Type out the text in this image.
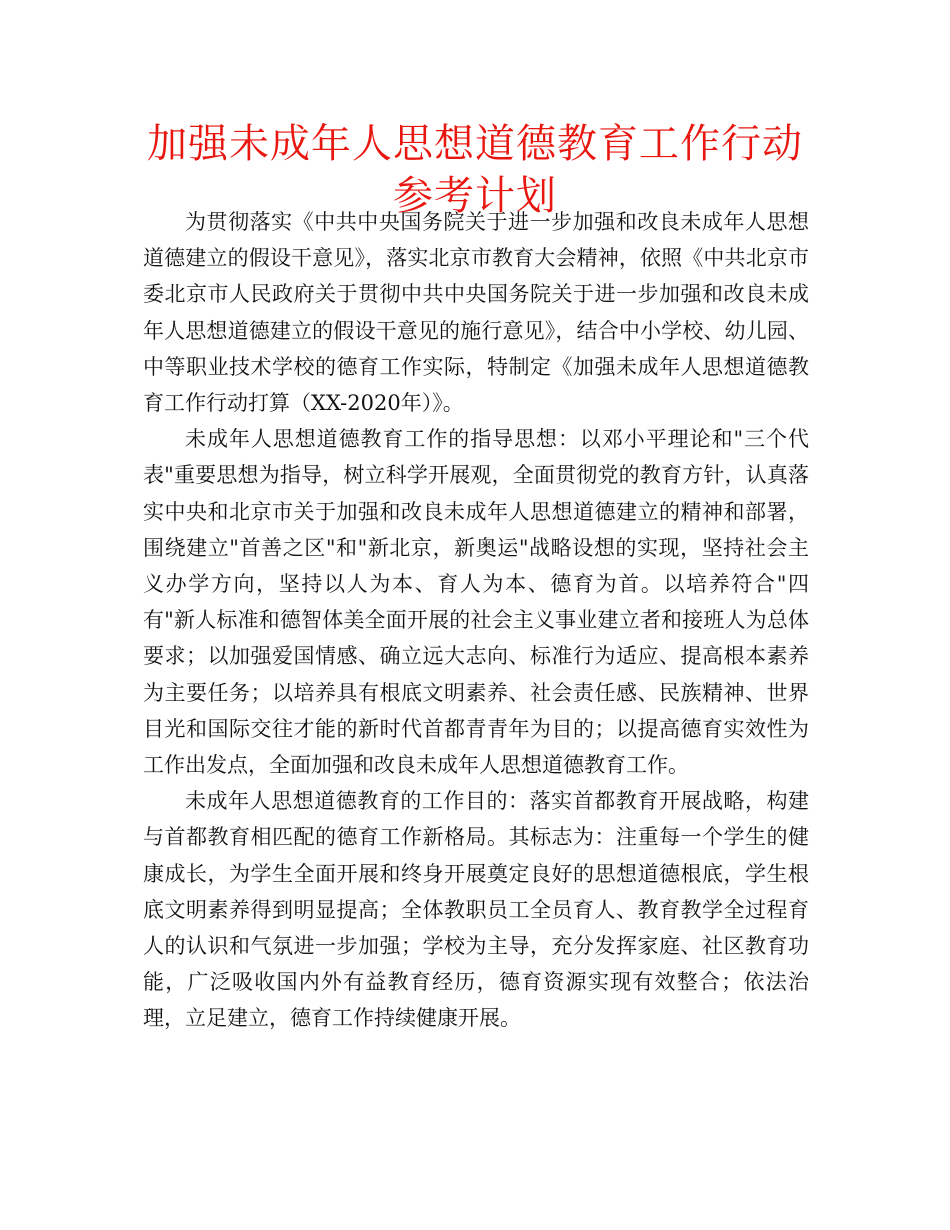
加强未成年人思想道德教育工作行动参考计划

为贯彻落实《中共中央国务院关于进一步加强和改良未成年人思想道德建立的假设干意见》，落实北京市教育大会精神，依照《中共北京市委北京市人民政府关于贯彻中共中央国务院关于进一步加强和改良未成年人思想道德建立的假设干意见的施行意见》，结合中小学校、幼儿园、中等职业技术学校的德育工作实际，特制定《加强未成年人思想道德教育工作行动打算（XX-2020年）》。

未成年人思想道德教育工作的指导思想：以邓小平理论和"三个代表"重要思想为指导，树立科学开展观，全面贯彻党的教育方针，认真落实中央和北京市关于加强和改良未成年人思想道德建立的精神和部署，围绕建立"首善之区"和"新北京，新奥运"战略设想的实现，坚持社会主义办学方向，坚持以人为本、育人为本、德育为首。以培养符合"四有"新人标准和德智体美全面开展的社会主义事业建立者和接班人为总体要求；以加强爱国情感、确立远大志向、标准行为适应、提高根本素养为主要任务；以培养具有根底文明素养、社会责任感、民族精神、世界目光和国际交往才能的新时代首都青青年为目的；以提高德育实效性为工作出发点，全面加强和改良未成年人思想道德教育工作。

未成年人思想道德教育的工作目的：落实首都教育开展战略，构建与首都教育相匹配的德育工作新格局。其标志为：注重每一个学生的健康成长，为学生全面开展和终身开展奠定良好的思想道德根底，学生根底文明素养得到明显提高；全体教职员工全员育人、教育教学全过程育人的认识和气氛进一步加强；学校为主导，充分发挥家庭、社区教育功能，广泛吸收国内外有益教育经历，德育资源实现有效整合；依法治理，立足建立，德育工作持续健康开展。
